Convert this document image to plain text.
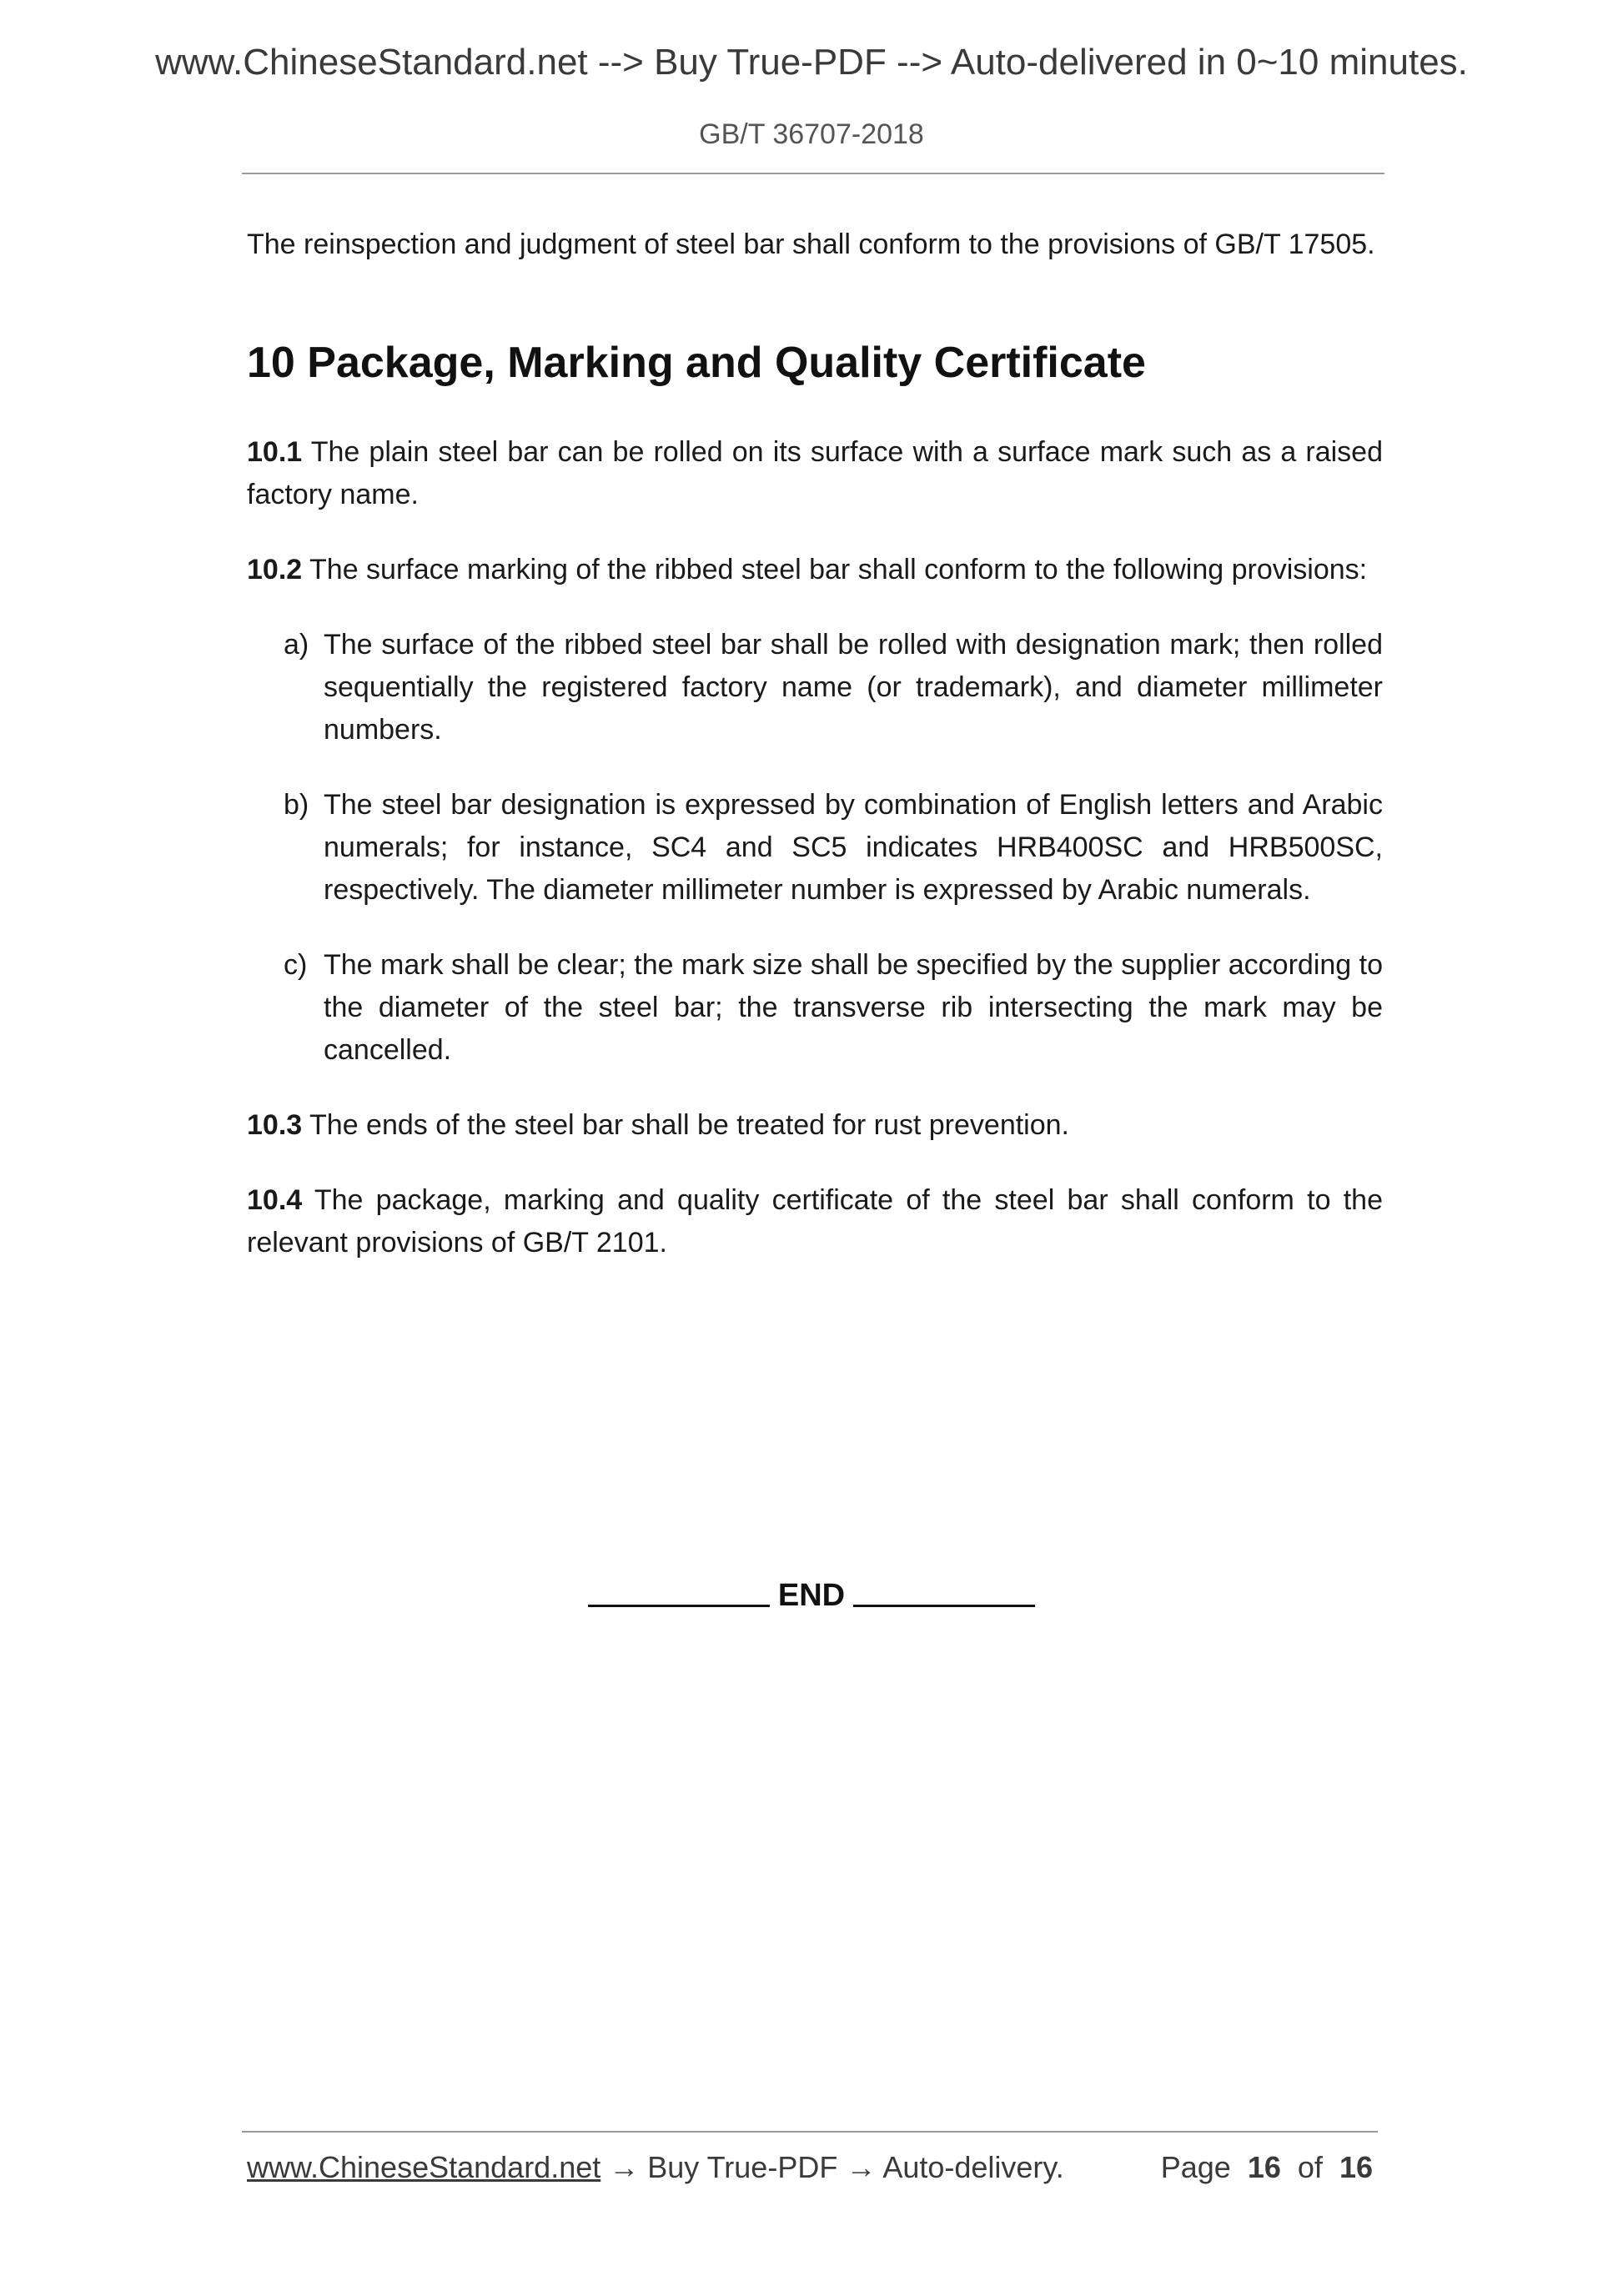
www.ChineseStandard.net --> Buy True-PDF --> Auto-delivered in 0~10 minutes.
GB/T 36707-2018

The reinspection and judgment of steel bar shall conform to the provisions of GB/T 17505.

10 Package, Marking and Quality Certificate

10.1 The plain steel bar can be rolled on its surface with a surface mark such as a raised factory name.

10.2 The surface marking of the ribbed steel bar shall conform to the following provisions:

a) The surface of the ribbed steel bar shall be rolled with designation mark; then rolled sequentially the registered factory name (or trademark), and diameter millimeter numbers.

b) The steel bar designation is expressed by combination of English letters and Arabic numerals; for instance, SC4 and SC5 indicates HRB400SC and HRB500SC, respectively. The diameter millimeter number is expressed by Arabic numerals.

c) The mark shall be clear; the mark size shall be specified by the supplier according to the diameter of the steel bar; the transverse rib intersecting the mark may be cancelled.

10.3 The ends of the steel bar shall be treated for rust prevention.

10.4 The package, marking and quality certificate of the steel bar shall conform to the relevant provisions of GB/T 2101.

END
www.ChineseStandard.net → Buy True-PDF → Auto-delivery.	Page 16 of 16
